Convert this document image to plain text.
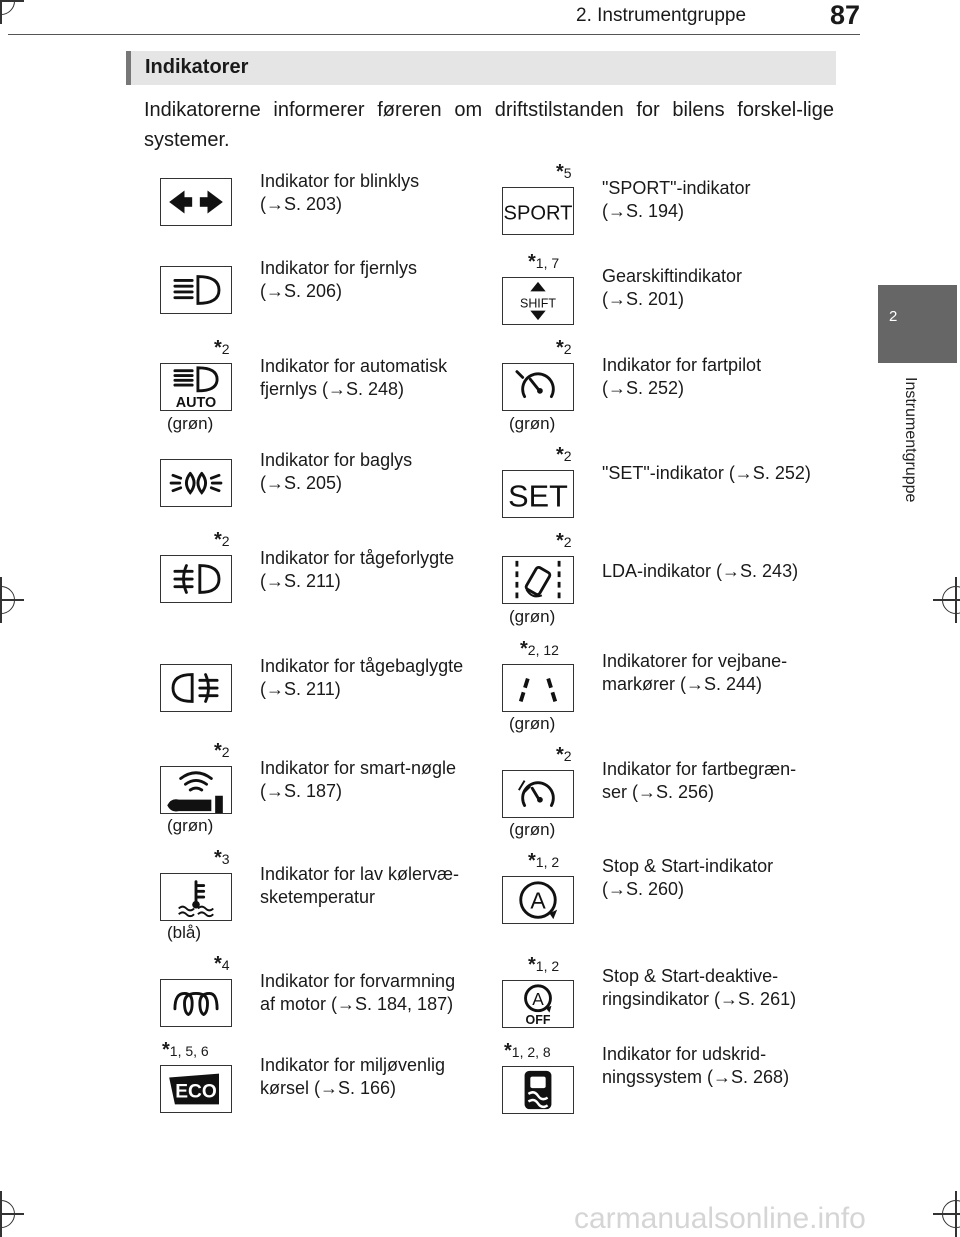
2. Instrumentgruppe	87
2
Instrumentgruppe
Indikatorer
Indikatorerne informerer føreren om driftstilstanden for bilens forskel-lige systemer.
Indikator for blinklys
(→S. 203)
Indikator for fjernlys
(→S. 206)
AUTO
Indikator for automatisk
fjernlys (→S. 248)
*2
(grøn)
Indikator for baglys
(→S. 205)
Indikator for tågeforlygte
(→S. 211)
*2
Indikator for tågebaglygte
(→S. 211)
Indikator for smart-nøgle
(→S. 187)
*2
(grøn)
Indikator for lav kølervæ-
sketemperatur
*3
(blå)
Indikator for forvarmning
af motor (→S. 184, 187)
*4
ECO
Indikator for miljøvenlig
kørsel (→S. 166)
*1, 5, 6
SPORT
"SPORT"-indikator
(→S. 194)
*5
SHIFT
Gearskiftindikator
(→S. 201)
*1, 7
Indikator for fartpilot
(→S. 252)
*2
(grøn)
SET
"SET"-indikator (→S. 252)
*2
LDA-indikator (→S. 243)
*2
(grøn)
Indikatorer for vejbane-
markører (→S. 244)
*2, 12
(grøn)
Indikator for fartbegræn-
ser (→S. 256)
*2
(grøn)
A
Stop & Start-indikator
(→S. 260)
*1, 2
A
OFF
Stop & Start-deaktive-
ringsindikator (→S. 261)
*1, 2
Indikator for udskrid-
ningssystem (→S. 268)
*1, 2, 8
carmanualsonline.info
